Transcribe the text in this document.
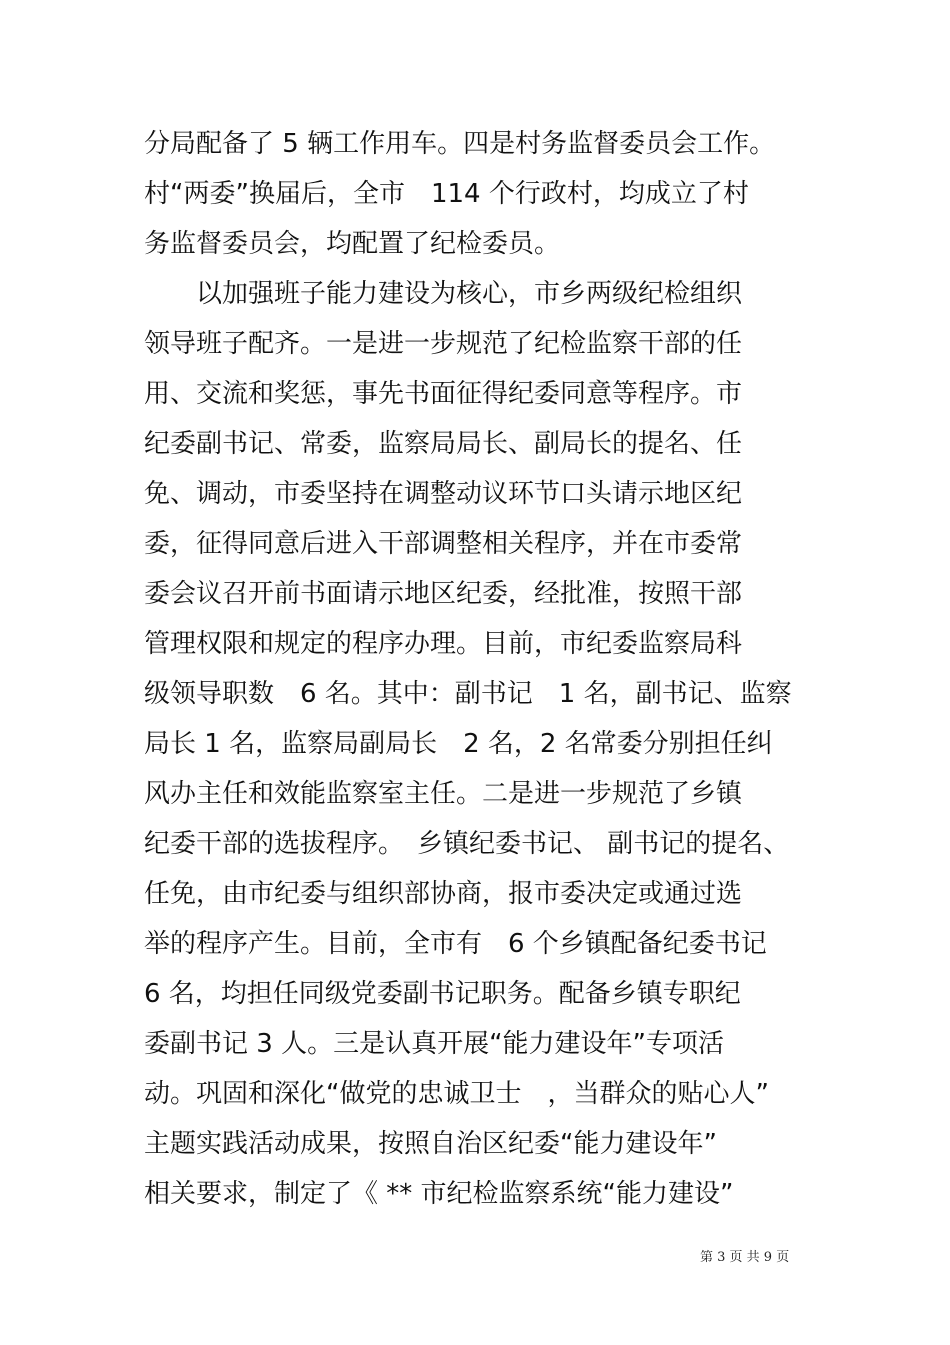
分局配备了 5 辆工作用车。四是村务监督委员会工作。
村“两委”换届后，全市　114 个行政村，均成立了村
务监督委员会，均配置了纪检委员。
　　以加强班子能力建设为核心，市乡两级纪检组织
领导班子配齐。一是进一步规范了纪检监察干部的任
用、交流和奖惩，事先书面征得纪委同意等程序。市
纪委副书记、常委，监察局局长、副局长的提名、任
免、调动，市委坚持在调整动议环节口头请示地区纪
委，征得同意后进入干部调整相关程序，并在市委常
委会议召开前书面请示地区纪委，经批准，按照干部
管理权限和规定的程序办理。目前，市纪委监察局科
级领导职数　6 名。其中：副书记　1 名，副书记、监察
局长 1 名，监察局副局长　2 名，2 名常委分别担任纠
风办主任和效能监察室主任。二是进一步规范了乡镇
纪委干部的选拔程序。　乡镇纪委书记、 副书记的提名、
任免，由市纪委与组织部协商，报市委决定或通过选
举的程序产生。目前，全市有　6 个乡镇配备纪委书记
6 名，均担任同级党委副书记职务。配备乡镇专职纪
委副书记 3 人。三是认真开展“能力建设年”专项活
动。巩固和深化“做党的忠诚卫士　，当群众的贴心人”
主题实践活动成果，按照自治区纪委“能力建设年”
相关要求，制定了《 ** 市纪检监察系统“能力建设”
第 3 页 共 9 页
